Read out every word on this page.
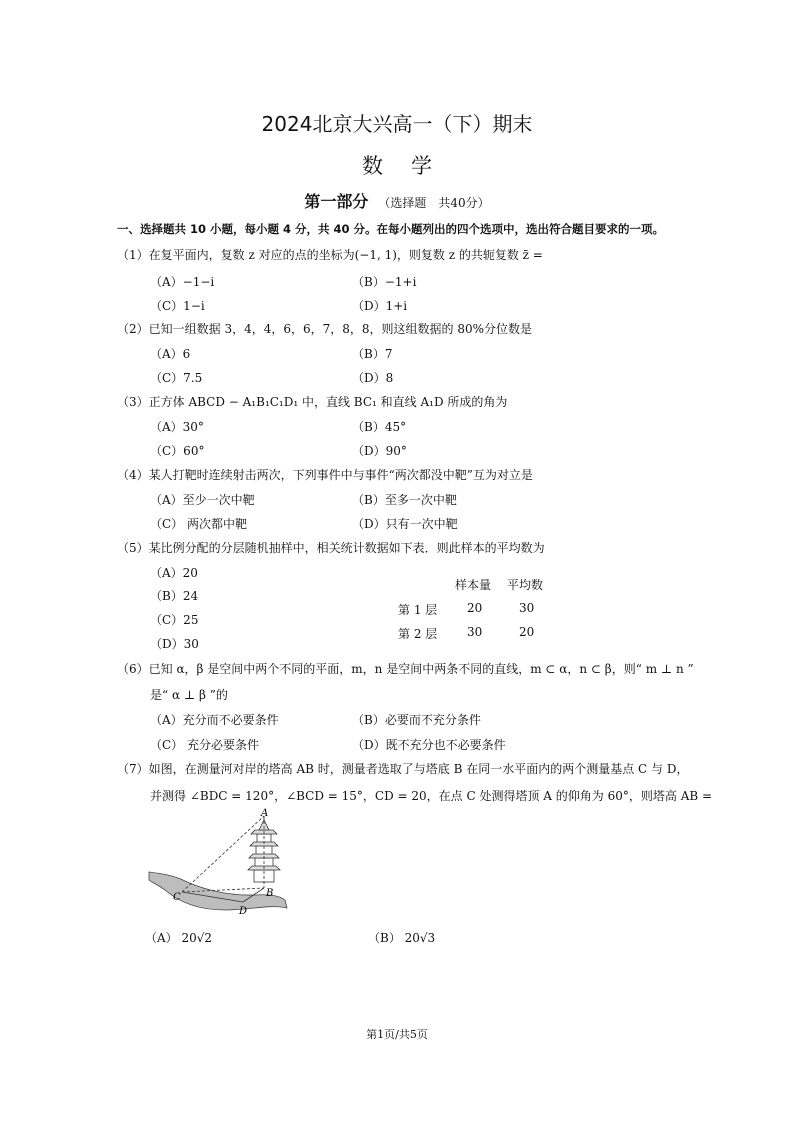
2024北京大兴高一（下）期末
数学
第一部分 （选择题　共40分）
一、选择题共 10 小题，每小题 4 分，共 40 分。在每小题列出的四个选项中，选出符合题目要求的一项。
（1）在复平面内，复数 z 对应的点的坐标为(−1, 1)，则复数 z 的共轭复数 z̄ =
（A）−1−i	（B）−1+i
（C）1−i	（D）1+i
（2）已知一组数据 3，4，4，6，6，7，8，8，则这组数据的 80%分位数是
（A）6	（B）7
（C）7.5	（D）8
（3）正方体 ABCD − A₁B₁C₁D₁ 中，直线 BC₁ 和直线 A₁D 所成的角为
（A）30°	（B）45°
（C）60°	（D）90°
（4）某人打靶时连续射击两次，下列事件中与事件“两次都没中靶”互为对立是
（A）至少一次中靶	（B）至多一次中靶
（C） 两次都中靶	（D）只有一次中靶
（5）某比例分配的分层随机抽样中，相关统计数据如下表．则此样本的平均数为
（A）20
（B）24
（C）25
（D）30
样本量 平均数
第 1 层 20	30
第 2 层 30	20
（6）已知 α，β 是空间中两个不同的平面，m，n 是空间中两条不同的直线，m ⊂ α，n ⊂ β，则“ m ⊥ n ”
是“ α ⊥ β ”的
（A）充分而不必要条件	（B）必要而不充分条件
（C） 充分必要条件	（D）既不充分也不必要条件
（7）如图，在测量河对岸的塔高 AB 时，测量者选取了与塔底 B 在同一水平面内的两个测量基点 C 与 D，
并测得 ∠BDC = 120°，∠BCD = 15°，CD = 20，在点 C 处测得塔顶 A 的仰角为 60°，则塔高 AB =
A
B
C
D
（A） 20√2	（B） 20√3
第1页/共5页
